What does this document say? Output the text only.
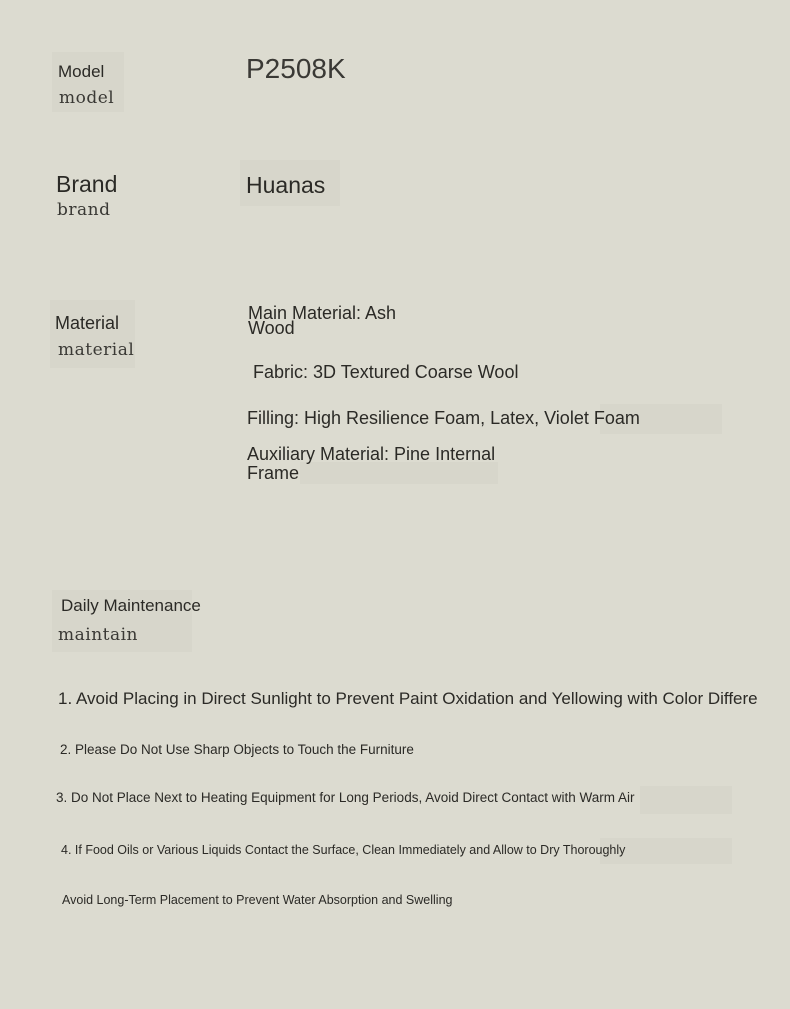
Model
model
P2508K
Brand
brand
Huanas
Material
material
Main Material: Ash Wood
Fabric: 3D Textured Coarse Wool
Filling: High Resilience Foam, Latex, Violet Foam
Auxiliary Material: Pine Internal Frame
Daily Maintenance
maintain
1. Avoid Placing in Direct Sunlight to Prevent Paint Oxidation and Yellowing with Color Differe
2. Please Do Not Use Sharp Objects to Touch the Furniture
3. Do Not Place Next to Heating Equipment for Long Periods, Avoid Direct Contact with Warm Air
4. If Food Oils or Various Liquids Contact the Surface, Clean Immediately and Allow to Dry Thoroughly
Avoid Long-Term Placement to Prevent Water Absorption and Swelling
